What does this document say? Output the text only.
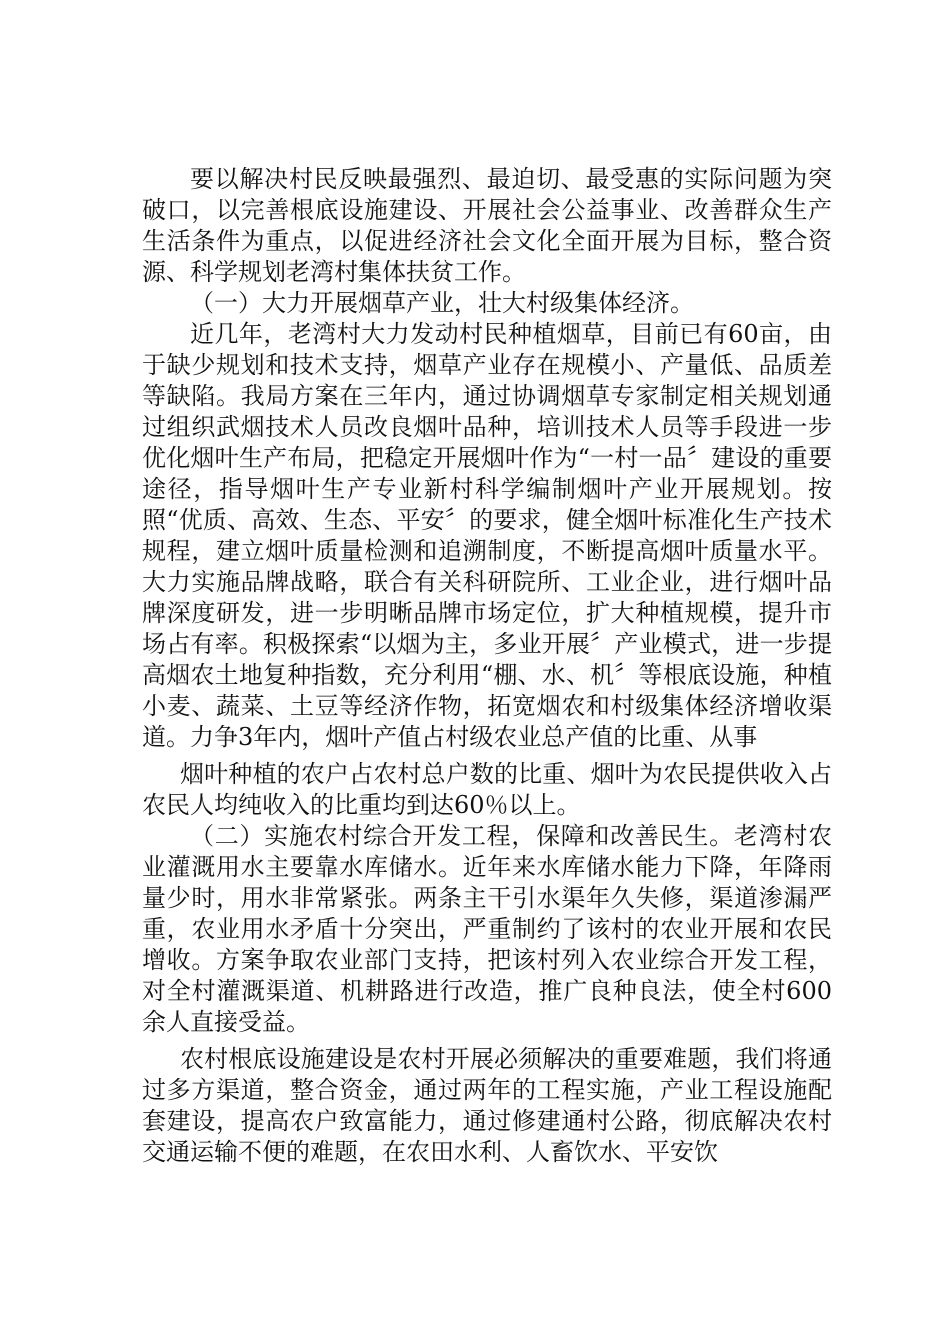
要以解决村民反映最强烈、最迫切、最受惠的实际问题为突破口，以完善根底设施建设、开展社会公益事业、改善群众生产生活条件为重点，以促进经济社会文化全面开展为目标，整合资源、科学规划老湾村集体扶贫工作。

（一）大力开展烟草产业，壮大村级集体经济。

近几年，老湾村大力发动村民种植烟草，目前已有60亩，由于缺少规划和技术支持，烟草产业存在规模小、产量低、品质差等缺陷。我局方案在三年内，通过协调烟草专家制定相关规划通过组织武烟技术人员改良烟叶品种，培训技术人员等手段进一步优化烟叶生产布局，把稳定开展烟叶作为“一村一品〞建设的重要途径，指导烟叶生产专业新村科学编制烟叶产业开展规划。按照“优质、高效、生态、平安〞的要求，健全烟叶标准化生产技术规程，建立烟叶质量检测和追溯制度，不断提高烟叶质量水平。大力实施品牌战略，联合有关科研院所、工业企业，进行烟叶品牌深度研发，进一步明晰品牌市场定位，扩大种植规模，提升市场占有率。积极探索“以烟为主，多业开展〞产业模式，进一步提高烟农土地复种指数，充分利用“棚、水、机〞等根底设施，种植小麦、蔬菜、土豆等经济作物，拓宽烟农和村级集体经济增收渠道。力争3年内，烟叶产值占村级农业总产值的比重、从事

烟叶种植的农户占农村总户数的比重、烟叶为农民提供收入占农民人均纯收入的比重均到达60％以上。

（二）实施农村综合开发工程，保障和改善民生。老湾村农业灌溉用水主要靠水库储水。近年来水库储水能力下降，年降雨量少时，用水非常紧张。两条主干引水渠年久失修，渠道渗漏严重，农业用水矛盾十分突出，严重制约了该村的农业开展和农民增收。方案争取农业部门支持，把该村列入农业综合开发工程，对全村灌溉渠道、机耕路进行改造，推广良种良法，使全村600余人直接受益。

农村根底设施建设是农村开展必须解决的重要难题，我们将通过多方渠道，整合资金，通过两年的工程实施，产业工程设施配套建设，提高农户致富能力，通过修建通村公路，彻底解决农村交通运输不便的难题，在农田水利、人畜饮水、平安饮
